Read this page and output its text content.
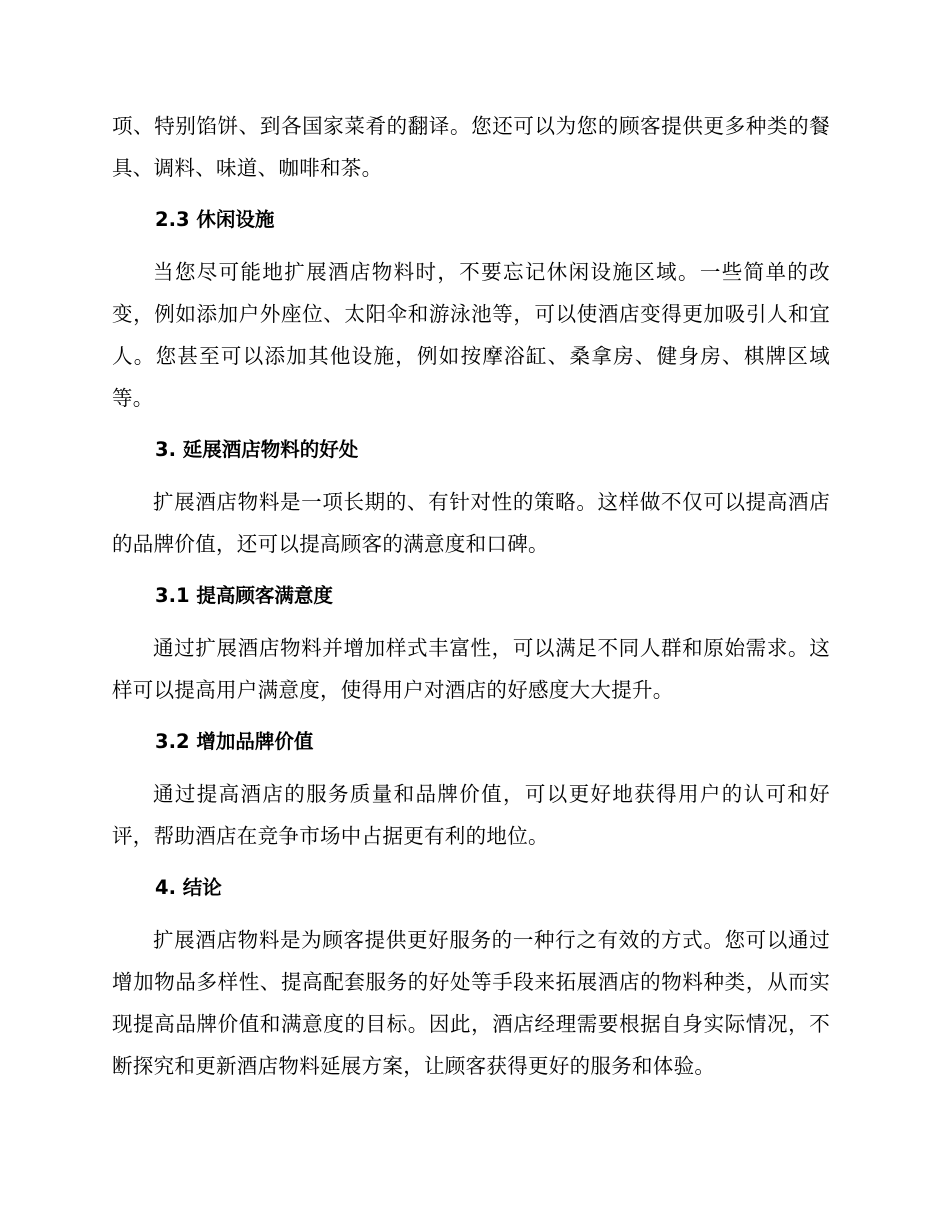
项、特别馅饼、到各国家菜肴的翻译。您还可以为您的顾客提供更多种类的餐具、调料、味道、咖啡和茶。

2.3 休闲设施

当您尽可能地扩展酒店物料时，不要忘记休闲设施区域。一些简单的改变，例如添加户外座位、太阳伞和游泳池等，可以使酒店变得更加吸引人和宜人。您甚至可以添加其他设施，例如按摩浴缸、桑拿房、健身房、棋牌区域等。

3. 延展酒店物料的好处

扩展酒店物料是一项长期的、有针对性的策略。这样做不仅可以提高酒店的品牌价值，还可以提高顾客的满意度和口碑。

3.1 提高顾客满意度

通过扩展酒店物料并增加样式丰富性，可以满足不同人群和原始需求。这样可以提高用户满意度，使得用户对酒店的好感度大大提升。

3.2 增加品牌价值

通过提高酒店的服务质量和品牌价值，可以更好地获得用户的认可和好评，帮助酒店在竞争市场中占据更有利的地位。

4. 结论

扩展酒店物料是为顾客提供更好服务的一种行之有效的方式。您可以通过增加物品多样性、提高配套服务的好处等手段来拓展酒店的物料种类，从而实现提高品牌价值和满意度的目标。因此，酒店经理需要根据自身实际情况，不断探究和更新酒店物料延展方案，让顾客获得更好的服务和体验。
